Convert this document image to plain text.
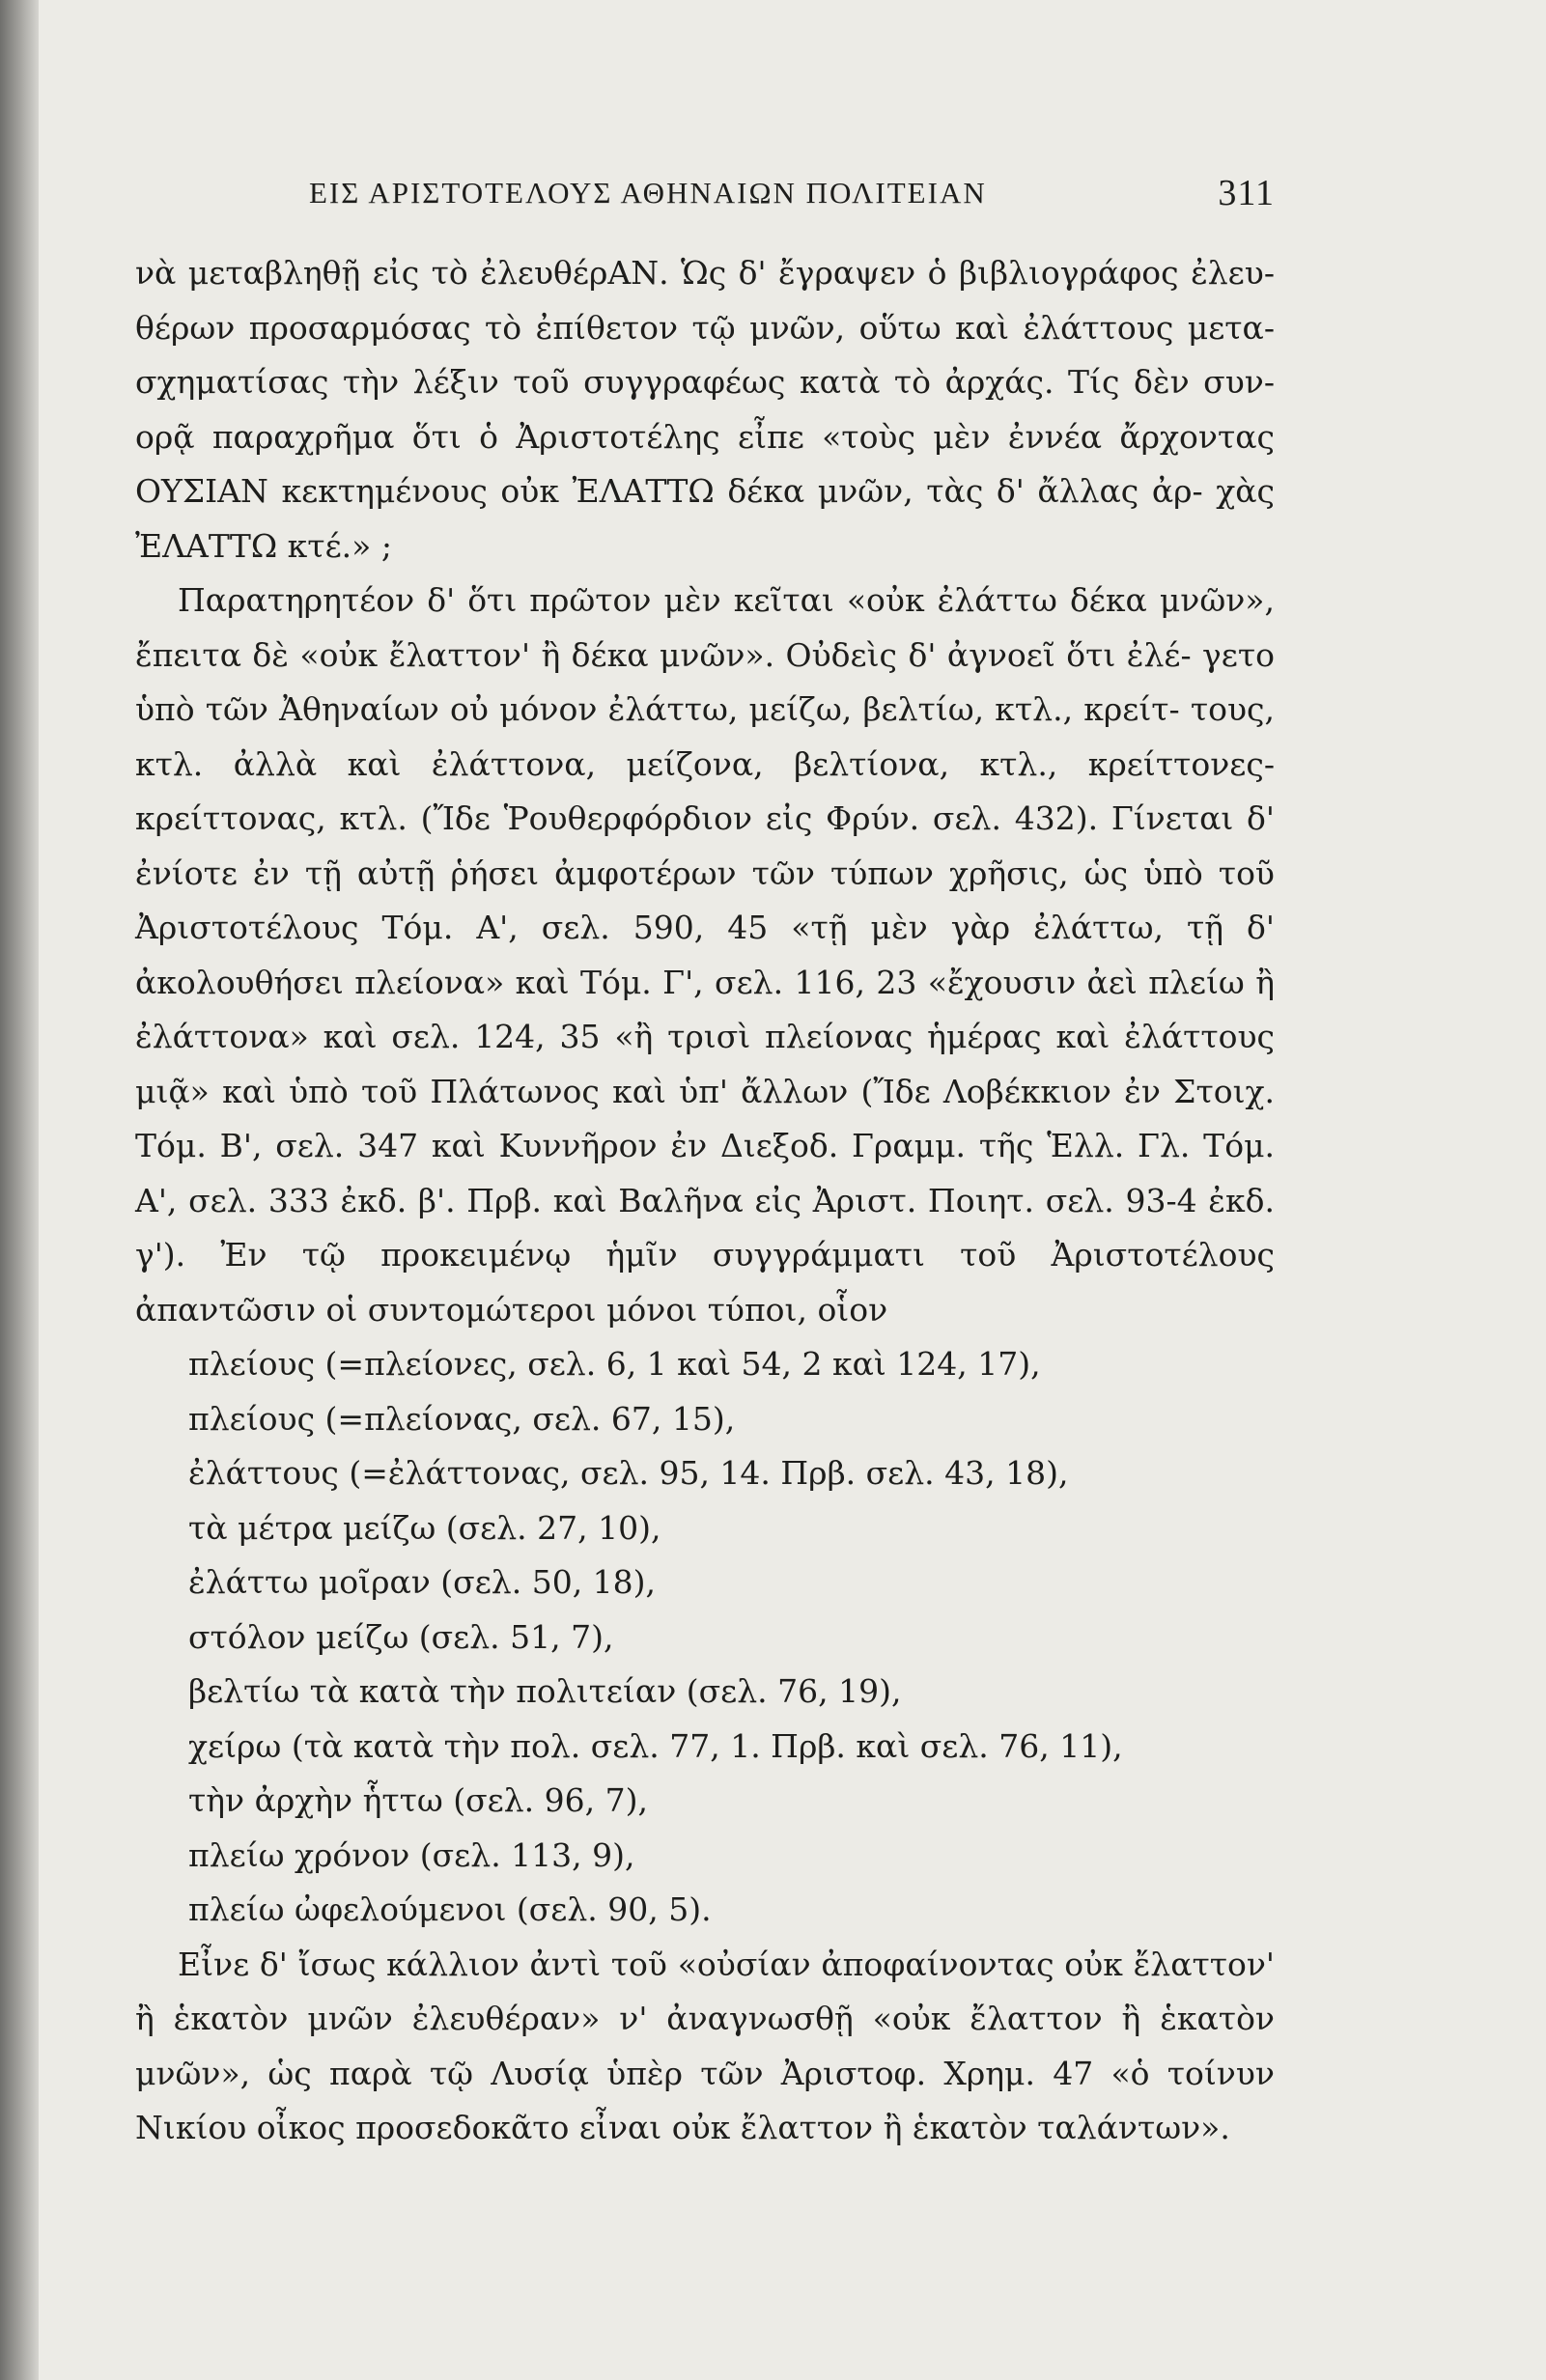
ΕΙΣ ΑΡΙΣΤΟΤΕΛΟΥΣ ΑΘΗΝΑΙΩΝ ΠΟΛΙΤΕΙΑΝ	311

νὰ μεταβληθῇ εἰς τὸ ἐλευθέρΑΝ. Ὡς δ' ἔγραψεν ὁ βιβλιογράφος ἐλευ- θέρων προσαρμόσας τὸ ἐπίθετον τῷ μνῶν, οὕτω καὶ ἐλάττους μετα- σχηματίσας τὴν λέξιν τοῦ συγγραφέως κατὰ τὸ ἀρχάς. Τίς δὲν συν- ορᾷ παραχρῆμα ὅτι ὁ Ἀριστοτέλης εἶπε «τοὺς μὲν ἐννέα ἄρχοντας ΟΥΣΙΑΝ κεκτημένους οὐκ ἘΛΑΤΤΩ δέκα μνῶν, τὰς δ' ἄλλας ἀρ- χὰς ἘΛΑΤΤΩ κτέ.» ;

Παρατηρητέον δ' ὅτι πρῶτον μὲν κεῖται «οὐκ ἐλάττω δέκα μνῶν», ἔπειτα δὲ «οὐκ ἔλαττον' ἢ δέκα μνῶν». Οὐδεὶς δ' ἀγνοεῖ ὅτι ἐλέ- γετο ὑπὸ τῶν Ἀθηναίων οὐ μόνον ἐλάττω, μείζω, βελτίω, κτλ., κρείτ- τους, κτλ. ἀλλὰ καὶ ἐλάττονα, μείζονα, βελτίονα, κτλ., κρείττονες- κρείττονας, κτλ. (Ἴδε Ῥουθερφόρδιον εἰς Φρύν. σελ. 432). Γίνεται δ' ἐνίοτε ἐν τῇ αὐτῇ ῥήσει ἀμφοτέρων τῶν τύπων χρῆσις, ὡς ὑπὸ τοῦ Ἀριστοτέλους Τόμ. Α', σελ. 590, 45 «τῇ μὲν γὰρ ἐλάττω, τῇ δ' ἀκολουθήσει πλείονα» καὶ Τόμ. Γ', σελ. 116, 23 «ἔχουσιν ἀεὶ πλείω ἢ ἐλάττονα» καὶ σελ. 124, 35 «ἢ τρισὶ πλείονας ἡμέρας καὶ ἐλάττους μιᾷ» καὶ ὑπὸ τοῦ Πλάτωνος καὶ ὑπ' ἄλλων (Ἴδε Λοβέκκιον ἐν Στοιχ. Τόμ. Β', σελ. 347 καὶ Κυννῆρον ἐν Διεξοδ. Γραμμ. τῆς Ἑλλ. Γλ. Τόμ. Α', σελ. 333 ἐκδ. β'. Πρβ. καὶ Βαλῆνα εἰς Ἀριστ. Ποιητ. σελ. 93-4 ἐκδ. γ'). Ἐν τῷ προκειμένῳ ἡμῖν συγγράμματι τοῦ Ἀριστοτέλους ἀπαντῶσιν οἱ συντομώτεροι μόνοι τύποι, οἷον

πλείους (=πλείονες, σελ. 6, 1 καὶ 54, 2 καὶ 124, 17),
πλείους (=πλείονας, σελ. 67, 15),
ἐλάττους (=ἐλάττονας, σελ. 95, 14. Πρβ. σελ. 43, 18),
τὰ μέτρα μείζω (σελ. 27, 10),
ἐλάττω μοῖραν (σελ. 50, 18),
στόλον μείζω (σελ. 51, 7),
βελτίω τὰ κατὰ τὴν πολιτείαν (σελ. 76, 19),
χείρω (τὰ κατὰ τὴν πολ. σελ. 77, 1. Πρβ. καὶ σελ. 76, 11),
τὴν ἀρχὴν ἧττω (σελ. 96, 7),
πλείω χρόνον (σελ. 113, 9),
πλείω ὠφελούμενοι (σελ. 90, 5).

Εἶνε δ' ἴσως κάλλιον ἀντὶ τοῦ «οὐσίαν ἀποφαίνοντας οὐκ ἔλαττον' ἢ ἑκατὸν μνῶν ἐλευθέραν» ν' ἀναγνωσθῇ «οὐκ ἔλαττον ἢ ἑκατὸν μνῶν», ὡς παρὰ τῷ Λυσίᾳ ὑπὲρ τῶν Ἀριστοφ. Χρημ. 47 «ὁ τοίνυν Νικίου οἶκος προσεδοκᾶτο εἶναι οὐκ ἔλαττον ἢ ἑκατὸν ταλάντων».
